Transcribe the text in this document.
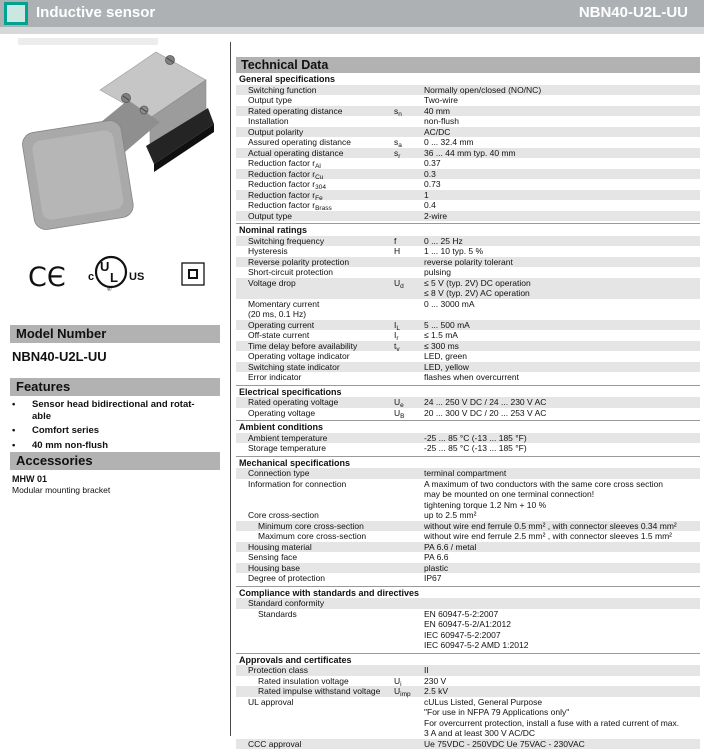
Inductive sensor	NBN40-U2L-UU
CЄ c
U
L
®
US
Model Number
NBN40-U2L-UU
Features
•	Sensor head bidirectional and rotatable
•	Comfort series
•	40 mm non-flush
Accessories
MHW 01
Modular mounting bracket
Technical Data
General specifications
Switching function	Normally open/closed (NO/NC)
Output type	Two-wire
Rated operating distance	$s_n$	40 mm
Installation	non-flush
Output polarity	AC/DC
Assured operating distance	$s_a$	0 ... 32.4 mm
Actual operating distance	$s_r$	36 ... 44 mm typ. 40 mm
Reduction factor $r_{Al}$	0.37
Reduction factor $r_{Cu}$	0.3
Reduction factor $r_{304}$	0.73
Reduction factor $r_{Fe}$	1
Reduction factor $r_{Brass}$	0.4
Output type	2-wire
Nominal ratings
Switching frequency	f	0 ... 25 Hz
Hysteresis	H	1 ... 10 typ. 5 %
Reverse polarity protection	reverse polarity tolerant
Short-circuit protection	pulsing
Voltage drop	$U_d$	≤ 5 V (typ. 2V) DC operation
≤ 8 V (typ. 2V) AC operation
Momentary current
(20 ms, 0.1 Hz)
0 ... 3000 mA
Operating current	$I_L$	5 ... 500 mA
Off-state current	$I_r$	≤ 1.5 mA
Time delay before availability	$t_v$	≤ 300 ms
Operating voltage indicator	LED, green
Switching state indicator	LED, yellow
Error indicator	flashes when overcurrent
Electrical specifications
Rated operating voltage	$U_e$	24 ... 250 V DC / 24 ... 230 V AC
Operating voltage	$U_B$	20 ... 300 V DC / 20 ... 253 V AC
Ambient conditions
Ambient temperature	-25 ... 85 °C (-13 ... 185 °F)
Storage temperature	-25 ... 85 °C (-13 ... 185 °F)
Mechanical specifications
Connection type	terminal compartment
Information for connection	A maximum of two conductors with the same core cross section
may be mounted on one terminal connection!
tightening torque 1.2 Nm + 10 %
Core cross-section	up to 2.5 mm²
Minimum core cross-section	without wire end ferrule 0.5 mm² , with connector sleeves 0.34 mm²
Maximum core cross-section	without wire end ferrule 2.5 mm² , with connector sleeves 1.5 mm²
Housing material	PA 6.6 / metal
Sensing face	PA 6.6
Housing base	plastic
Degree of protection	IP67
Compliance with standards and directives
Standard conformity

Standards	EN 60947-5-2:2007
EN 60947-5-2/A1:2012
IEC 60947-5-2:2007
IEC 60947-5-2 AMD 1:2012
Approvals and certificates
Protection class	II
Rated insulation voltage	$U_i$	230 V
Rated impulse withstand voltage	$U_{imp}$	2.5 kV
UL approval	cULus Listed, General Purpose
"For use in NFPA 79 Applications only"
For overcurrent protection, install a fuse with a rated current of max.
3 A and at least 300 V AC/DC
CCC approval	Ue 75VDC - 250VDC Ue 75VAC - 230VAC
